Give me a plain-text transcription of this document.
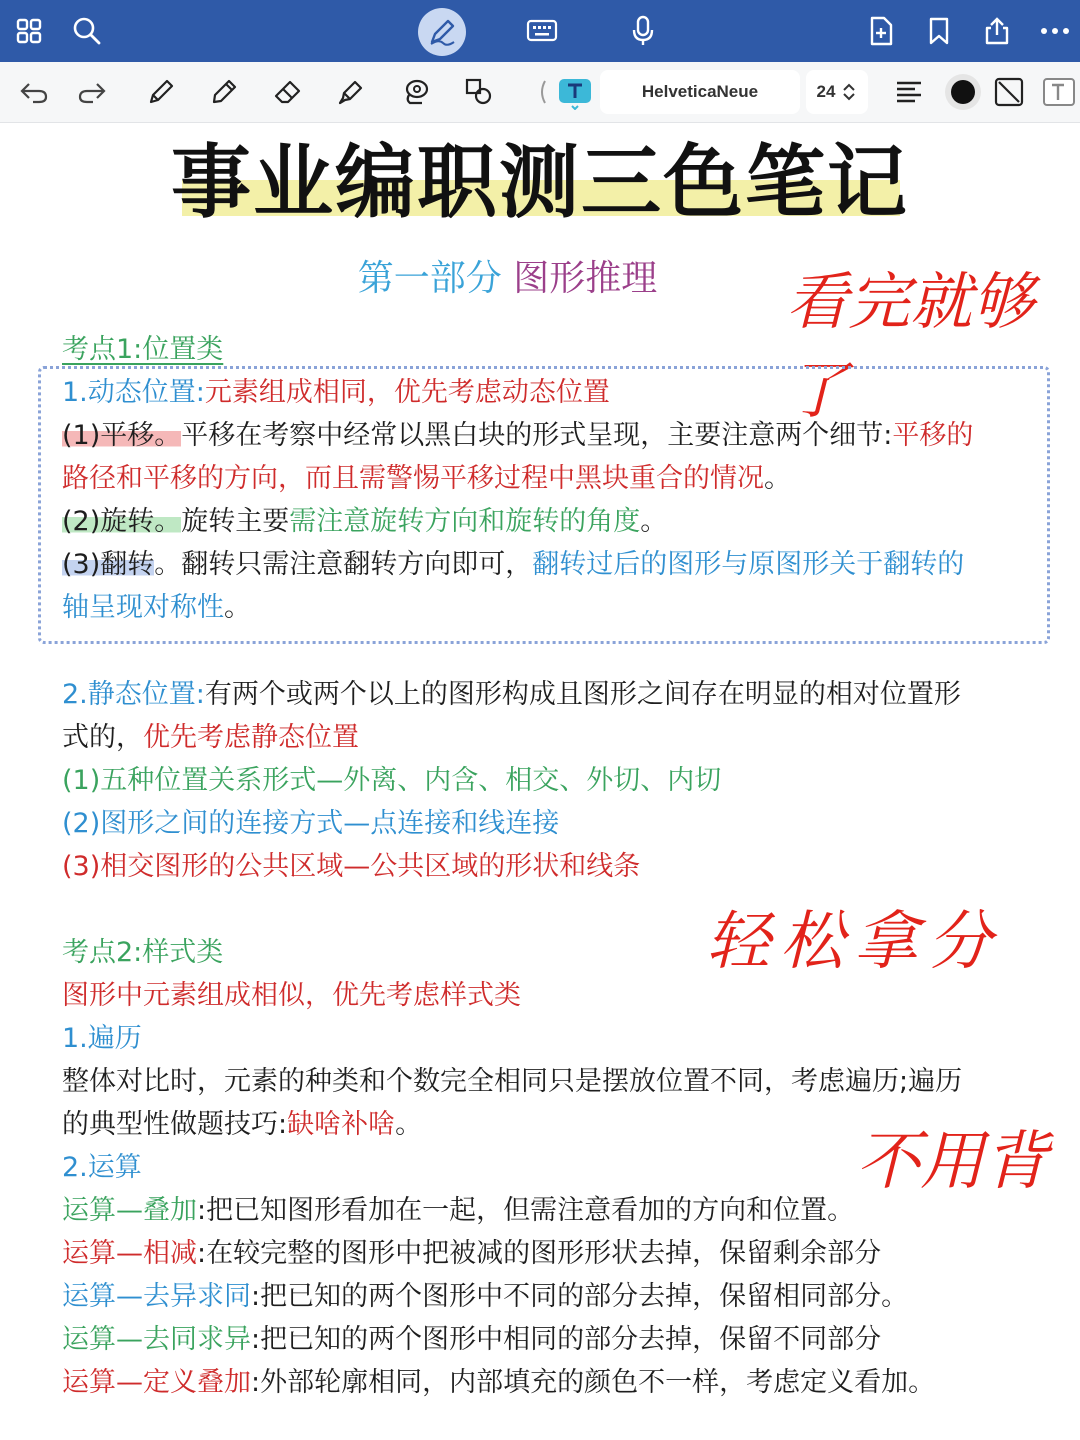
HelveticaNeue	24
事业编职测三色笔记
第一部分 图形推理	看完就够了
考点1:位置类
1.动态位置:元素组成相同，优先考虑动态位置
(1)平移。平移在考察中经常以黑白块的形式呈现，主要注意两个细节:平移的
路径和平移的方向，而且需警惕平移过程中黑块重合的情况。
(2)旋转。旋转主要需注意旋转方向和旋转的角度。
(3)翻转。翻转只需注意翻转方向即可，翻转过后的图形与原图形关于翻转的
轴呈现对称性。
2.静态位置:有两个或两个以上的图形构成且图形之间存在明显的相对位置形
式的，优先考虑静态位置
(1)五种位置关系形式—外离、内含、相交、外切、内切
(2)图形之间的连接方式—点连接和线连接
(3)相交图形的公共区域—公共区域的形状和线条
轻松拿分
考点2:样式类
图形中元素组成相似，优先考虑样式类
1.遍历
整体对比时，元素的种类和个数完全相同只是摆放位置不同，考虑遍历;遍历
的典型性做题技巧:缺啥补啥。
不用背
2.运算
运算—叠加:把已知图形看加在一起，但需注意看加的方向和位置。
运算—相减:在较完整的图形中把被减的图形形状去掉，保留剩余部分
运算—去异求同:把已知的两个图形中不同的部分去掉，保留相同部分。
运算—去同求异:把已知的两个图形中相同的部分去掉，保留不同部分
运算—定义叠加:外部轮廓相同，内部填充的颜色不一样，考虑定义看加。
